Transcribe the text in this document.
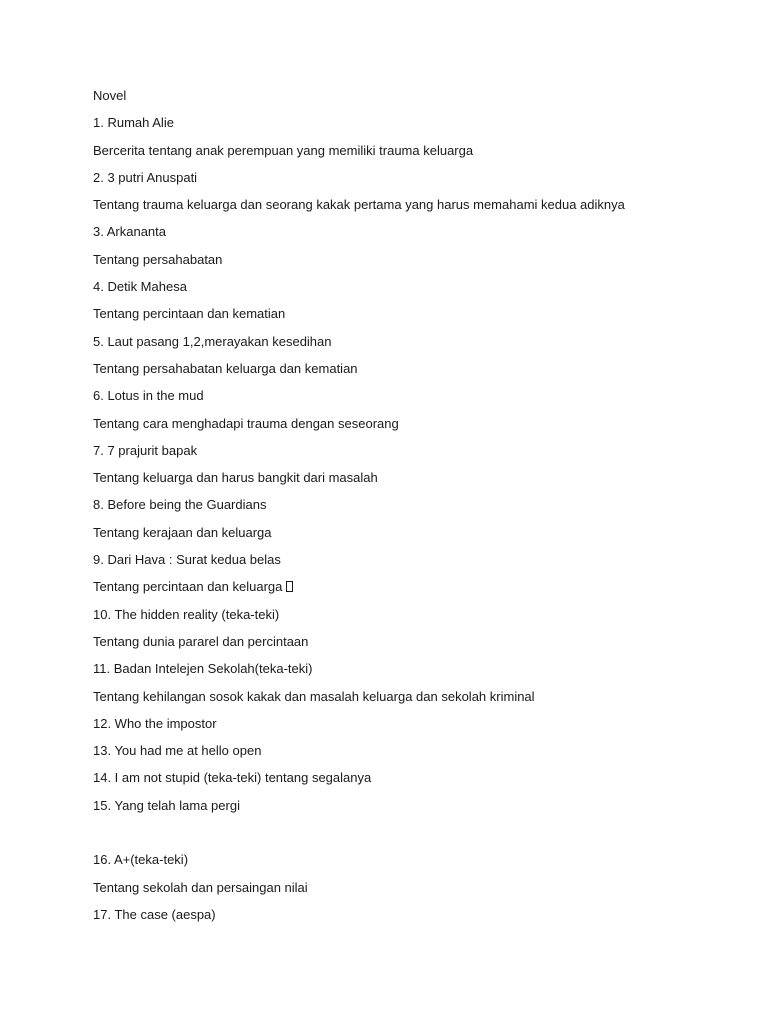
Novel
1. Rumah Alie
Bercerita tentang anak perempuan yang memiliki trauma keluarga
2. 3 putri Anuspati
Tentang trauma keluarga dan seorang kakak pertama yang harus memahami kedua adiknya
3. Arkananta
Tentang persahabatan
4. Detik Mahesa
Tentang percintaan dan kematian
5. Laut pasang 1,2,merayakan kesedihan
Tentang persahabatan keluarga dan kematian
6. Lotus in the mud
Tentang cara menghadapi trauma dengan seseorang
7. 7 prajurit bapak
Tentang keluarga dan harus bangkit dari masalah
8. Before being the Guardians
Tentang kerajaan dan keluarga
9. Dari Hava : Surat kedua belas
Tentang percintaan dan keluarga
10. The hidden reality (teka-teki)
Tentang dunia pararel dan percintaan
11. Badan Intelejen Sekolah(teka-teki)
Tentang kehilangan sosok kakak dan masalah keluarga dan sekolah kriminal
12. Who the impostor
13. You had me at hello open
14. I am not stupid (teka-teki) tentang segalanya
15. Yang telah lama pergi
16. A+(teka-teki)
Tentang sekolah dan persaingan nilai
17. The case (aespa)
